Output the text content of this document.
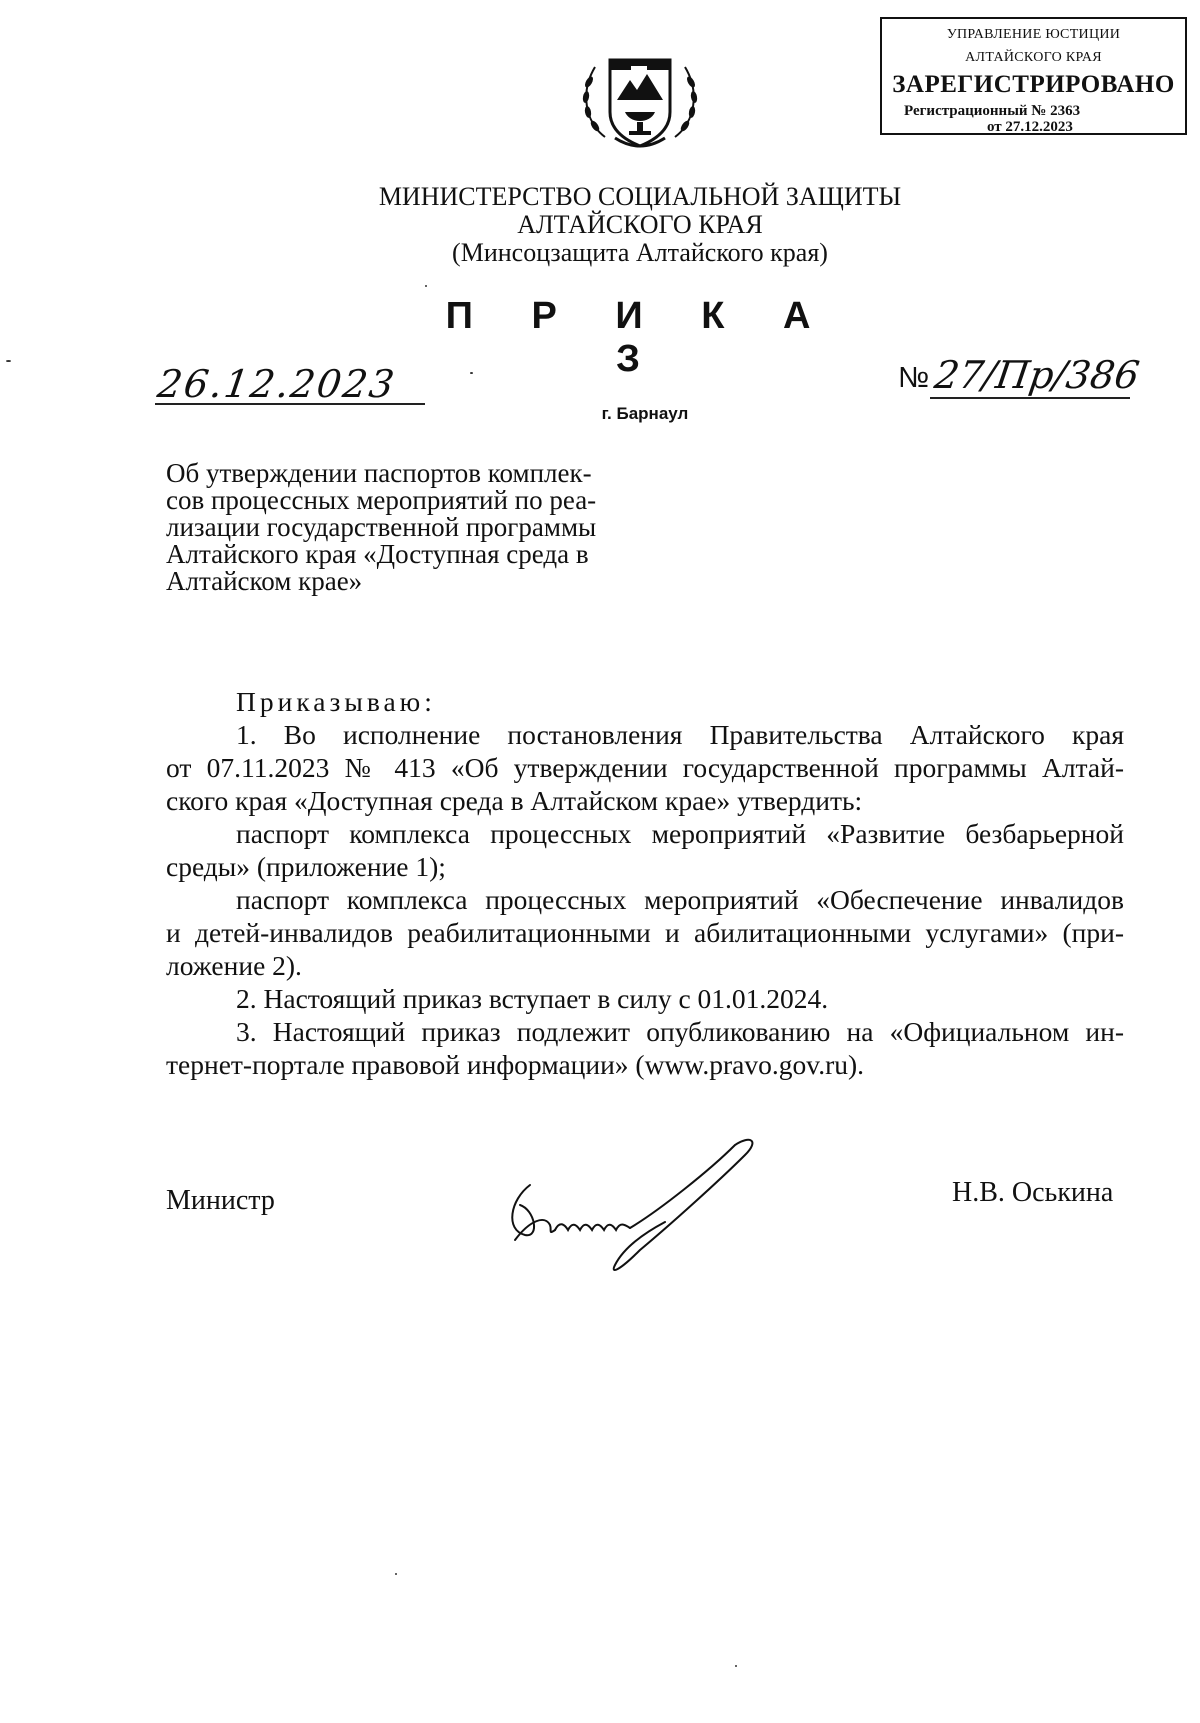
УПРАВЛЕНИЕ ЮСТИЦИИ
АЛТАЙСКОГО КРАЯ
ЗАРЕГИСТРИРОВАНО
Регистрационный № 2363
от 27.12.2023
МИНИСТЕРСТВО СОЦИАЛЬНОЙ ЗАЩИТЫ
АЛТАЙСКОГО КРАЯ
(Минсоцзащита Алтайского края)
П Р И К А З
26.12.2023	№ 27/Пр/386
г. Барнаул
Об утверждении паспортов комплек-
сов процессных мероприятий по реа-
лизации государственной программы
Алтайского края «Доступная среда в
Алтайском крае»
Приказываю:
1. Во исполнение постановления Правительства Алтайского края
от 07.11.2023 № 413 «Об утверждении государственной программы Алтай-
ского края «Доступная среда в Алтайском крае» утвердить:
паспорт комплекса процессных мероприятий «Развитие безбарьерной
среды» (приложение 1);
паспорт комплекса процессных мероприятий «Обеспечение инвалидов
и детей-инвалидов реабилитационными и абилитационными услугами» (при-
ложение 2).
2. Настоящий приказ вступает в силу с 01.01.2024.
3. Настоящий приказ подлежит опубликованию на «Официальном ин-
тернет-портале правовой информации» (www.pravo.gov.ru).
Министр	Н.В. Оськина
